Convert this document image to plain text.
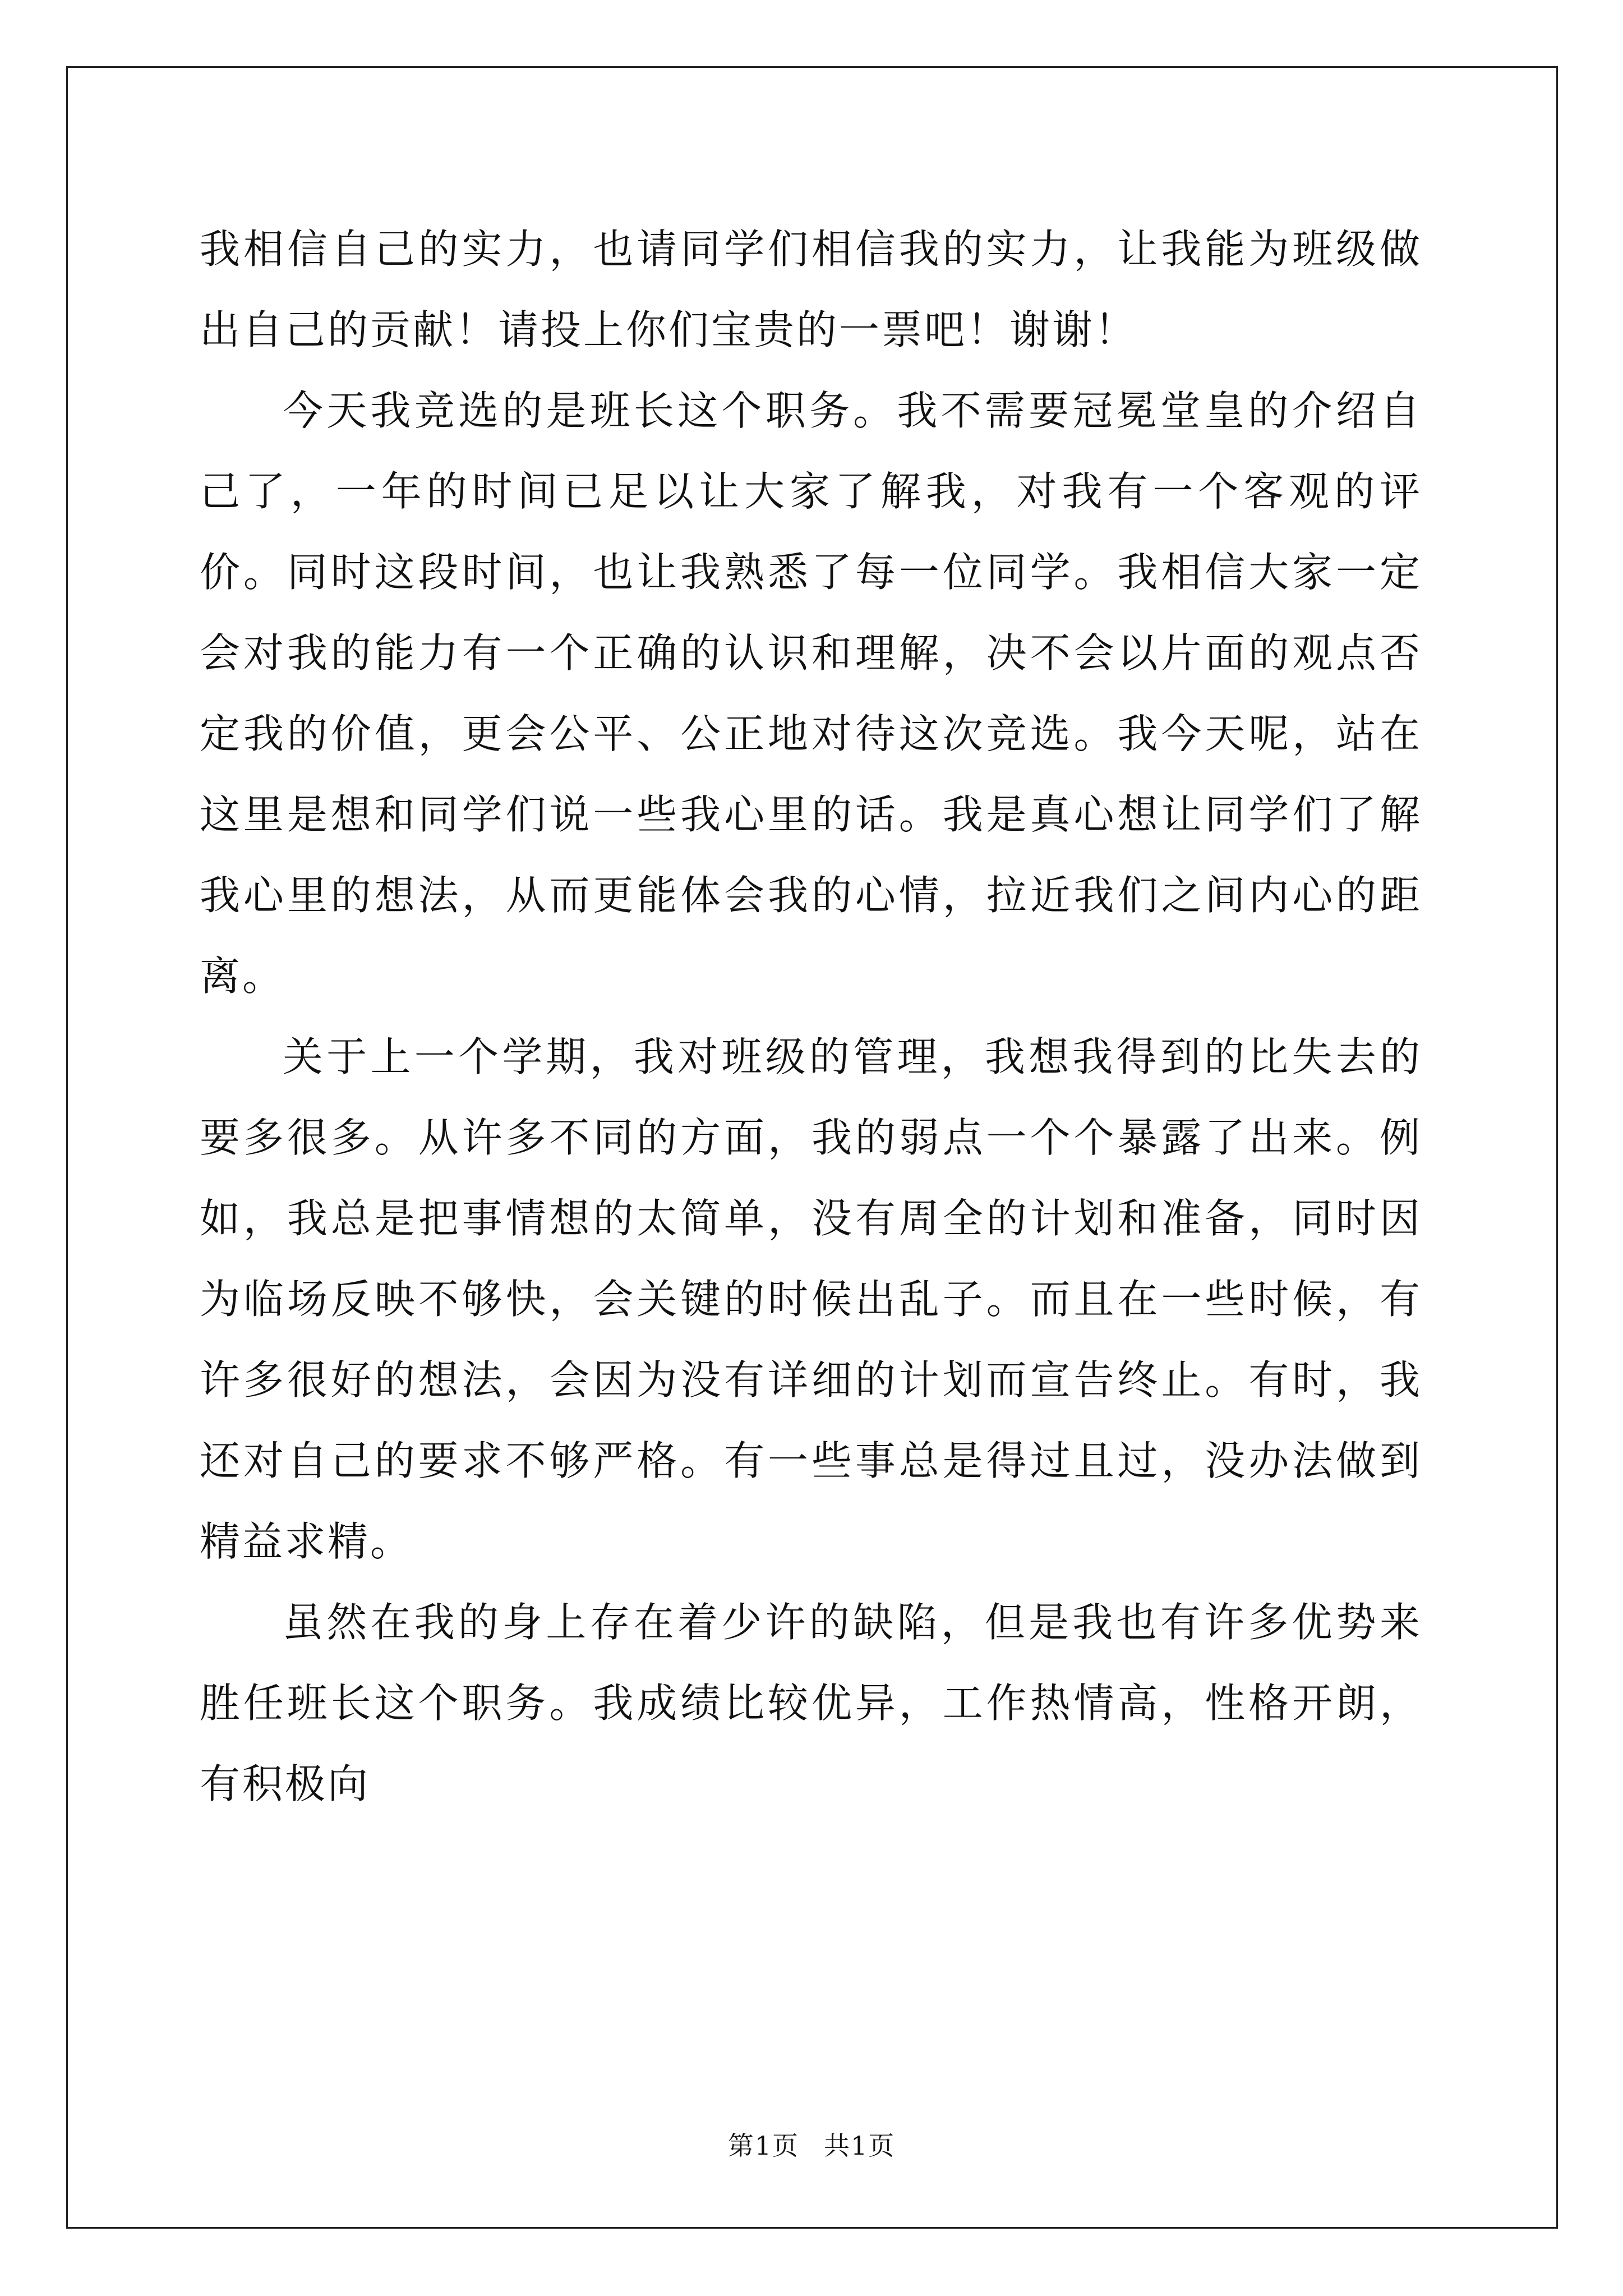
我相信自己的实力，也请同学们相信我的实力，让我能为班级做出自己的贡献！请投上你们宝贵的一票吧！谢谢！

今天我竞选的是班长这个职务。我不需要冠冕堂皇的介绍自己了，一年的时间已足以让大家了解我，对我有一个客观的评价。同时这段时间，也让我熟悉了每一位同学。我相信大家一定会对我的能力有一个正确的认识和理解，决不会以片面的观点否定我的价值，更会公平、公正地对待这次竞选。我今天呢，站在这里是想和同学们说一些我心里的话。我是真心想让同学们了解我心里的想法，从而更能体会我的心情，拉近我们之间内心的距离。

关于上一个学期，我对班级的管理，我想我得到的比失去的要多很多。从许多不同的方面，我的弱点一个个暴露了出来。例如，我总是把事情想的太简单，没有周全的计划和准备，同时因为临场反映不够快，会关键的时候出乱子。而且在一些时候，有许多很好的想法，会因为没有详细的计划而宣告终止。有时，我还对自己的要求不够严格。有一些事总是得过且过，没办法做到精益求精。

虽然在我的身上存在着少许的缺陷，但是我也有许多优势来胜任班长这个职务。我成绩比较优异，工作热情高，性格开朗，有积极向

第1页 共1页
